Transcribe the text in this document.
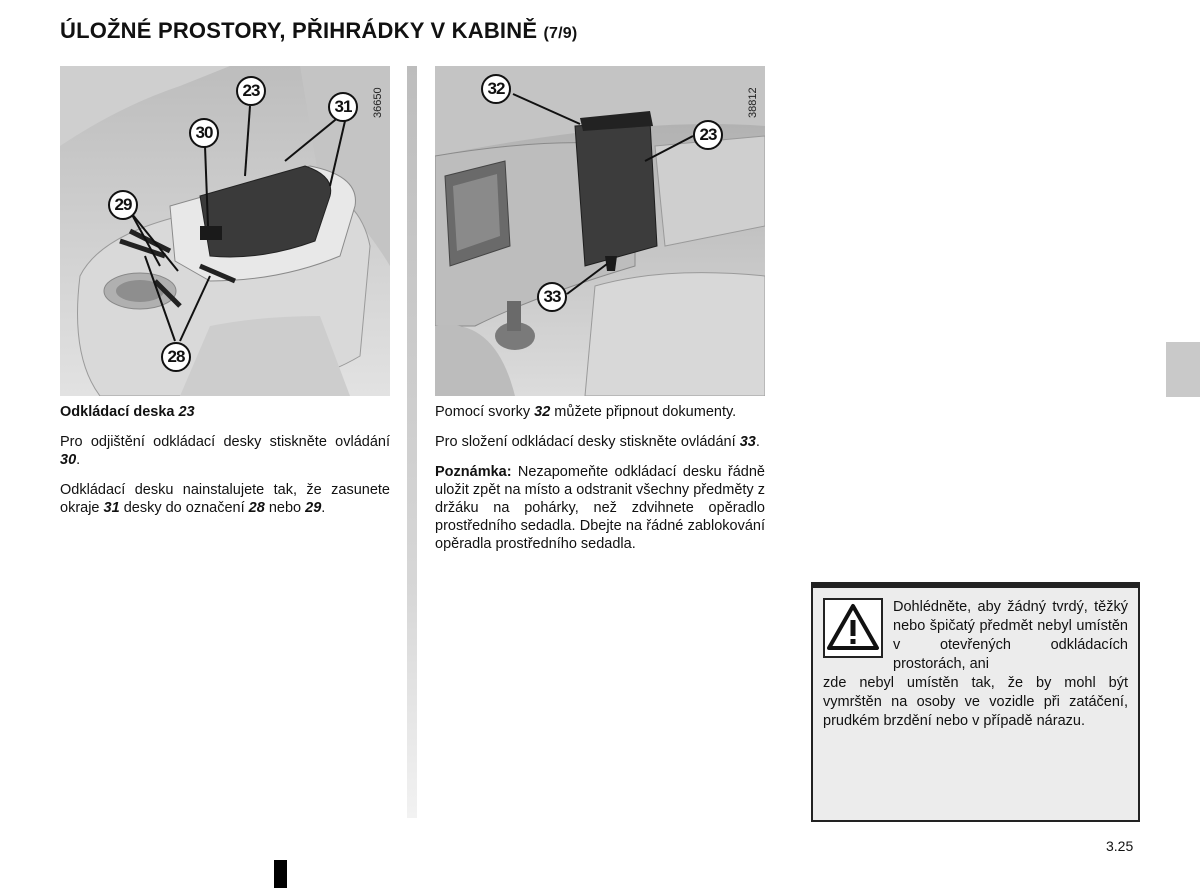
ÚLOŽNÉ PROSTORY, PŘIHRÁDKY V KABINĚ (7/9)
36650
23
30
31
29
28
38812
32
23
33

Odkládací deska 23

Pro odjištění odkládací desky stiskněte ovládání 30.

Odkládací desku nainstalujete tak, že zasunete okraje 31 desky do označení 28 nebo 29.

Pomocí svorky 32 můžete připnout dokumenty.

Pro složení odkládací desky stiskněte ovládání 33.

Poznámka: Nezapomeňte odkládací desku řádně uložit zpět na místo a odstranit všechny předměty z držáku na pohárky, než zdvihnete opěradlo prostředního sedadla. Dbejte na řádné zablokování opěradla prostředního sedadla.

Dohlédněte, aby žádný tvrdý, těžký nebo špičatý předmět nebyl umístěn v otevřených odkládacích prostorách, ani
zde nebyl umístěn tak, že by mohl být vymrštěn na osoby ve vozidle při zatáčení, prudkém brzdění nebo v případě nárazu.
3.25
